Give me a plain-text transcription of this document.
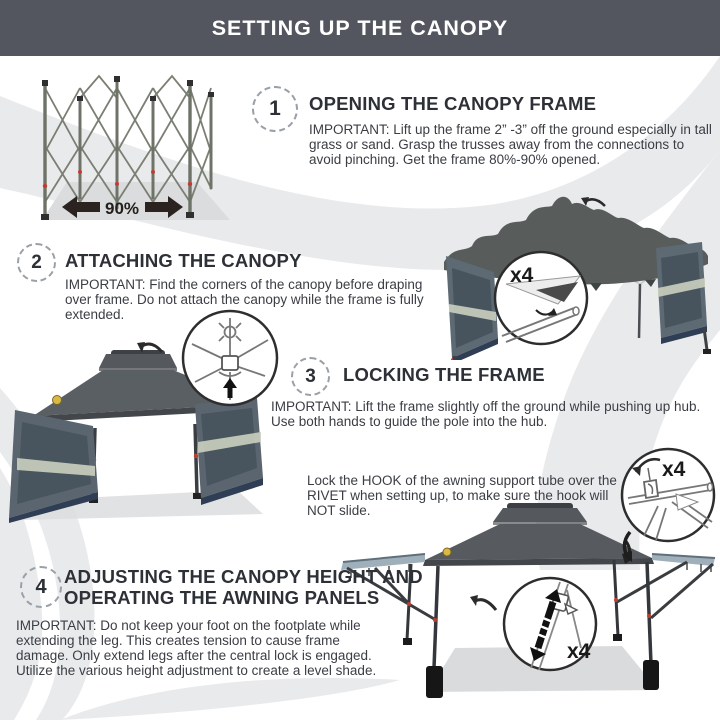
SETTING UP THE CANOPY
1 OPENING THE CANOPY FRAME

IMPORTANT: Lift up the frame 2” -3” off the ground especially in tall grass or sand. Grasp the trusses away from the connections to avoid pinching. Get the frame 80%-90% opened.

2 ATTACHING THE CANOPY

IMPORTANT: Find the corners of the canopy before draping over frame. Do not attach the canopy while the frame is fully extended.

3 LOCKING THE FRAME

IMPORTANT: Lift the frame slightly off the ground while pushing up hub. Use both hands to guide the pole into the hub.

Lock the HOOK of the awning support tube over the RIVET when setting up, to make sure the hook will NOT slide.

4 ADJUSTING THE CANOPY HEIGHT AND OPERATING THE AWNING PANELS

IMPORTANT: Do not keep your foot on the footplate while extending the leg. This creates tension to cause frame damage. Only extend legs after the central lock is engaged. Utilize the various height adjustment to create a level shade.

90%
x4
x4
x4
